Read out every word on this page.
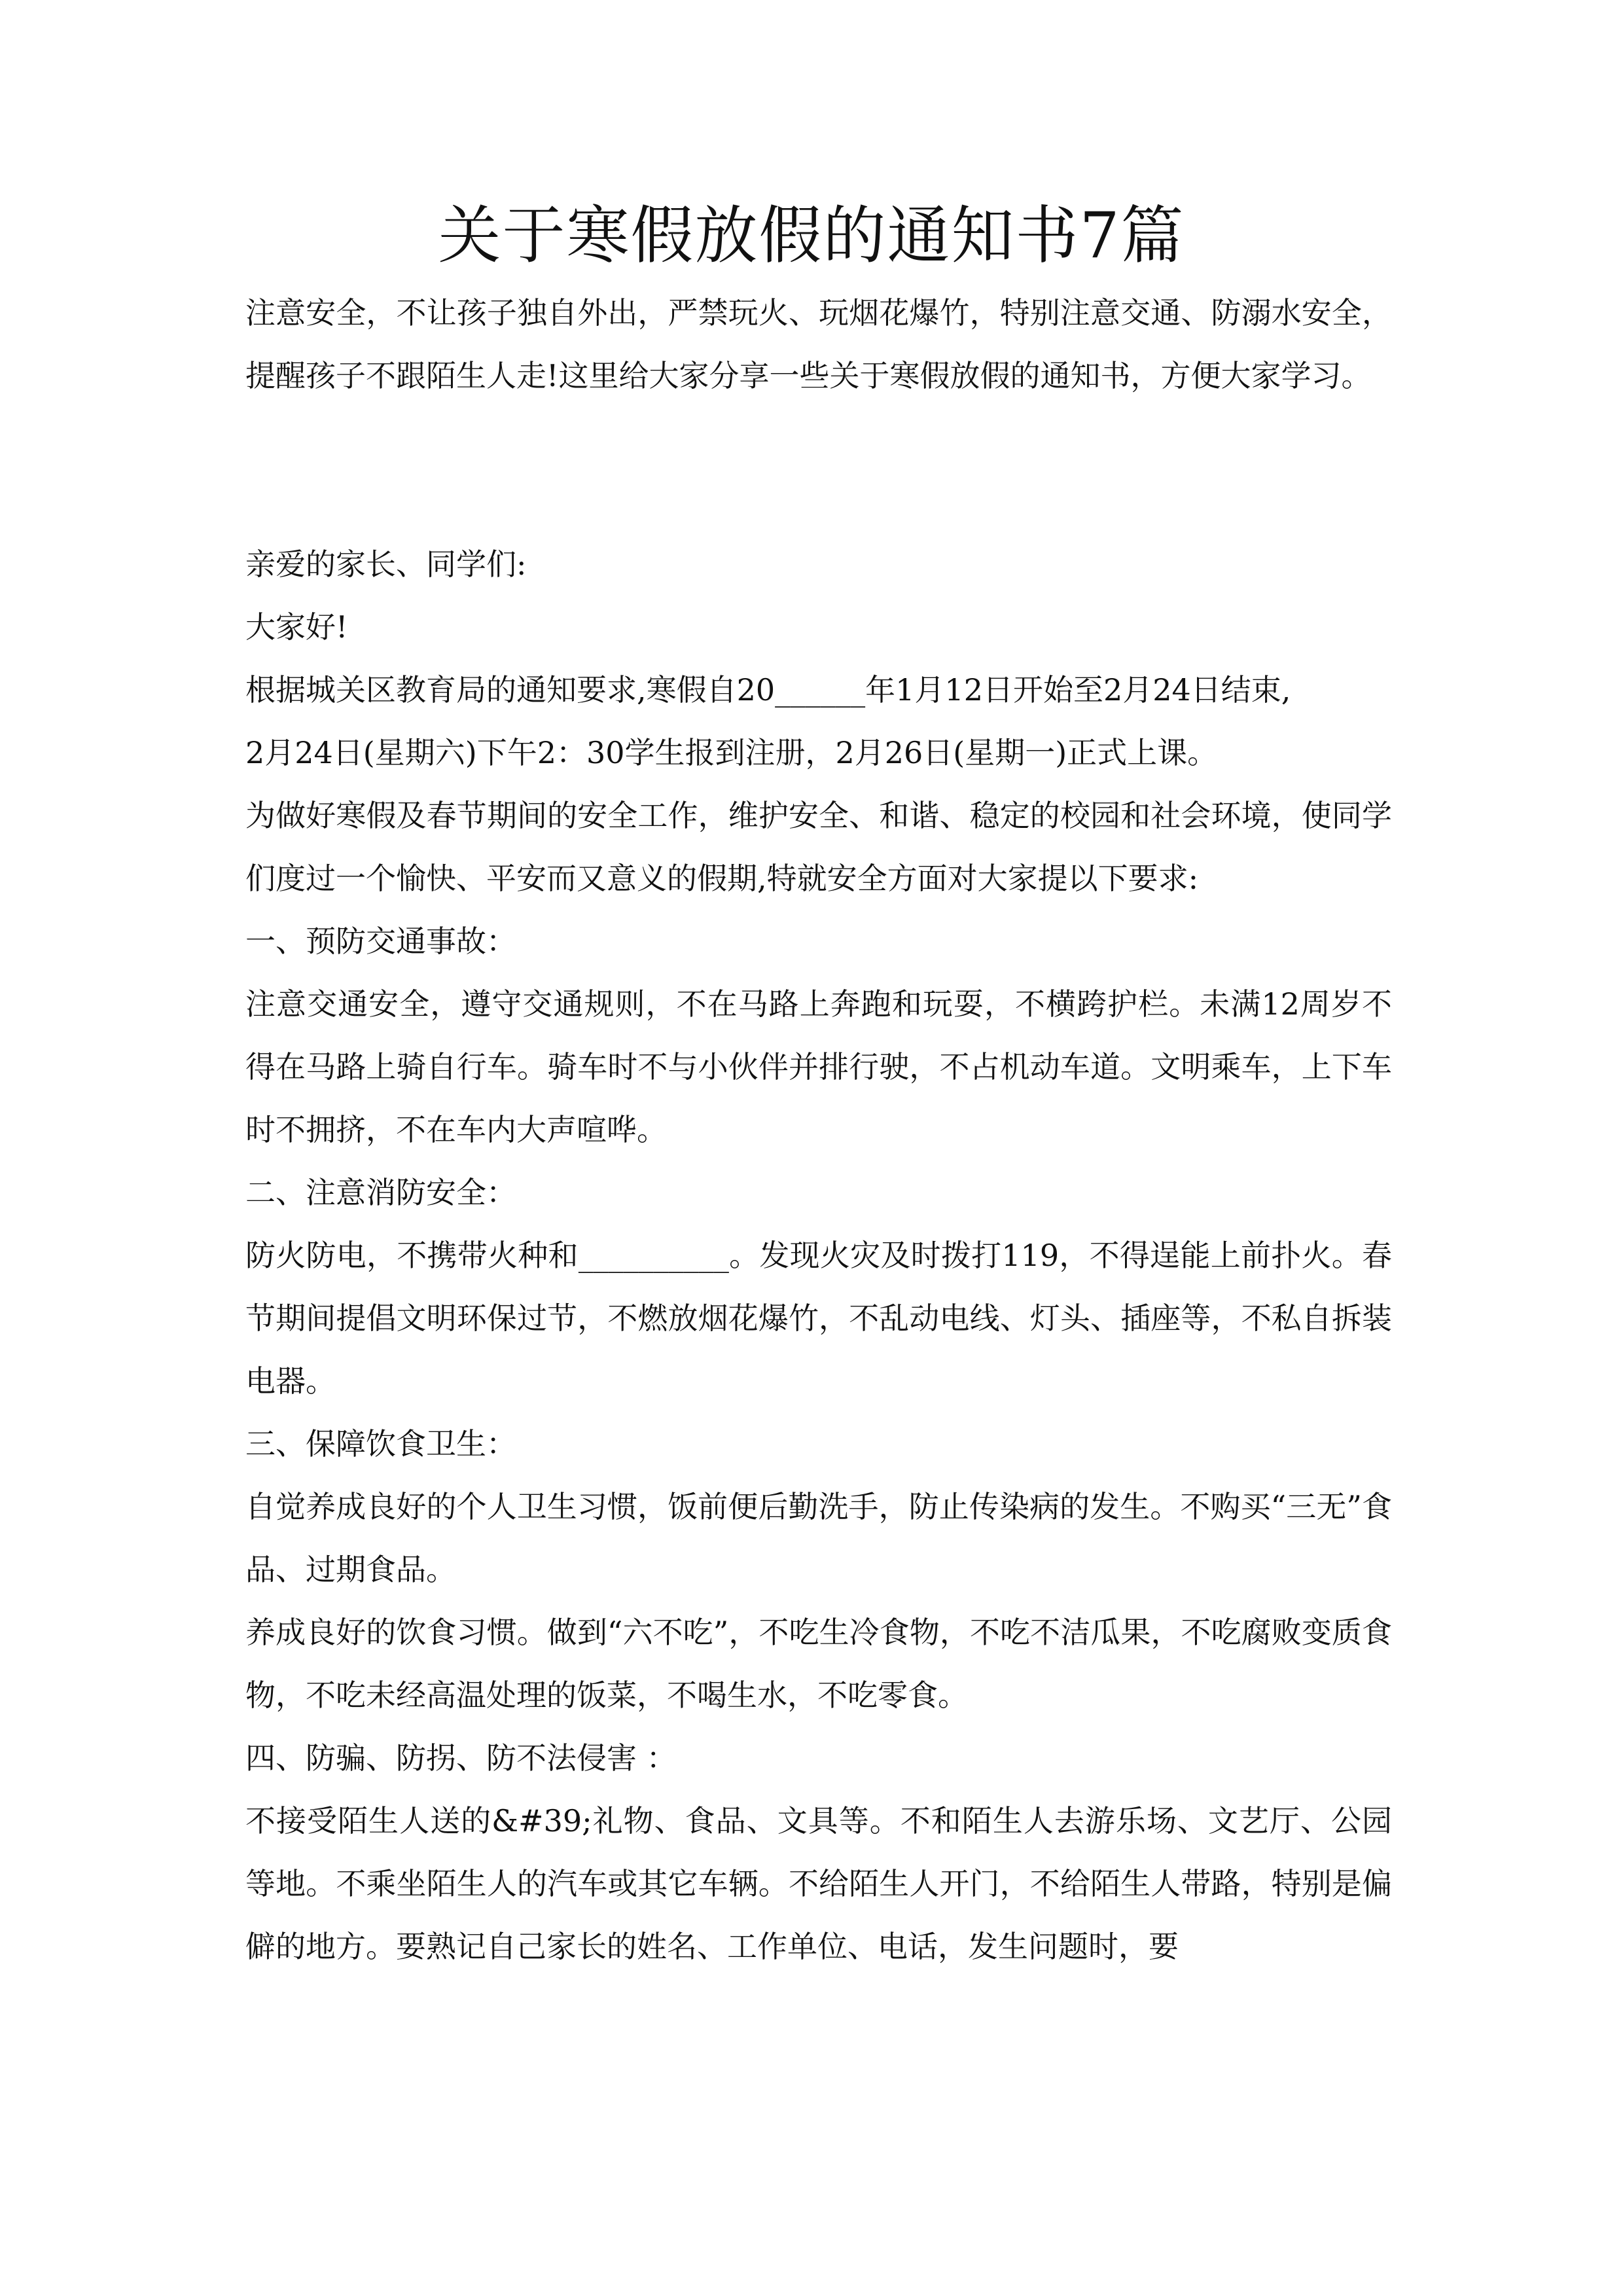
关于寒假放假的通知书7篇

注意安全，不让孩子独自外出，严禁玩火、玩烟花爆竹，特别注意交通、防溺水安全，提醒孩子不跟陌生人走!这里给大家分享一些关于寒假放假的通知书，方便大家学习。

亲爱的家长、同学们:

大家好!

根据城关区教育局的通知要求,寒假自20______年1月12日开始至2月24日结束,

2月24日(星期六)下午2：30学生报到注册，2月26日(星期一)正式上课。

为做好寒假及春节期间的安全工作，维护安全、和谐、稳定的校园和社会环境，使同学们度过一个愉快、平安而又意义的假期,特就安全方面对大家提以下要求:

一、预防交通事故：

注意交通安全，遵守交通规则，不在马路上奔跑和玩耍，不横跨护栏。未满12周岁不得在马路上骑自行车。骑车时不与小伙伴并排行驶，不占机动车道。文明乘车，上下车时不拥挤，不在车内大声喧哗。

二、注意消防安全：

防火防电，不携带火种和__________。发现火灾及时拨打119，不得逞能上前扑火。春节期间提倡文明环保过节，不燃放烟花爆竹，不乱动电线、灯头、插座等，不私自拆装电器。

三、保障饮食卫生：

自觉养成良好的个人卫生习惯，饭前便后勤洗手，防止传染病的发生。不购买“三无”食品、过期食品。

养成良好的饮食习惯。做到“六不吃”，不吃生冷食物，不吃不洁瓜果，不吃腐败变质食物，不吃未经高温处理的饭菜，不喝生水，不吃零食。

四、防骗、防拐、防不法侵害 ：

不接受陌生人送的&#39;礼物、食品、文具等。不和陌生人去游乐场、文艺厅、公园等地。不乘坐陌生人的汽车或其它车辆。不给陌生人开门，不给陌生人带路，特别是偏僻的地方。要熟记自己家长的姓名、工作单位、电话，发生问题时，要
